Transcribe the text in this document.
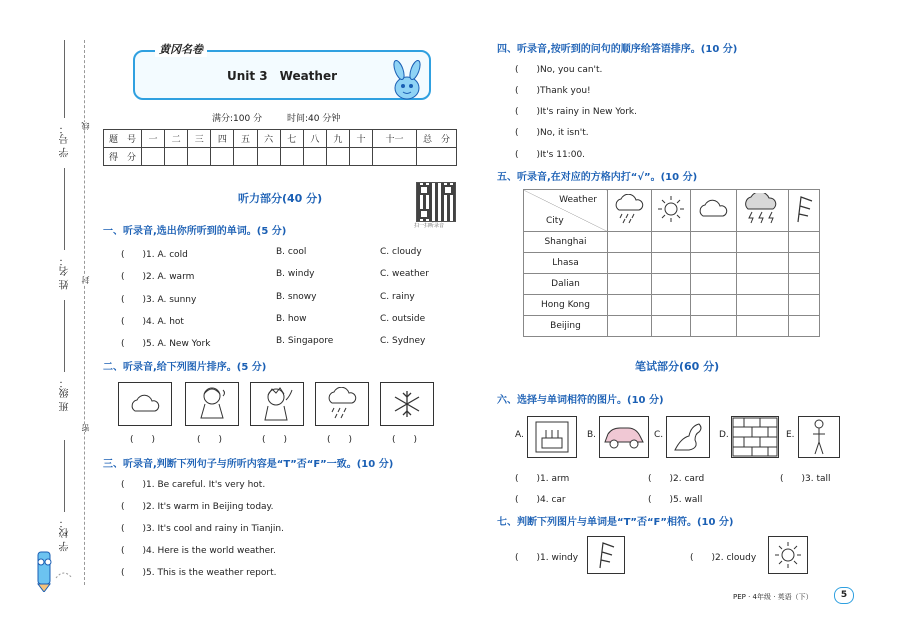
学 号：
姓 名：
班 级：
学 校：
线
封
密
黄冈名卷
Unit 3　Weather
满分:100 分	时间:40 分钟
题　号	一	二	三	四	五	六	七	八	九	十	十一	总　分
得　分												
听力部分(40 分)
扫一扫听录音
一、听录音,选出你所听到的单词。(5 分)
(　　)1. A. cold	B. cool	C. cloudy
(　　)2. A. warm	B. windy	C. weather
(　　)3. A. sunny	B. snowy	C. rainy
(　　)4. A. hot	B. how	C. outside
(　　)5. A. New York	B. Singapore	C. Sydney
二、听录音,给下列图片排序。(5 分)
(　　)	(　　)	(　　)	(　　)	(　　)
三、听录音,判断下列句子与所听内容是“T”否“F”一致。(10 分)
(　　)1. Be careful. It's very hot.
(　　)2. It's warm in Beijing today.
(　　)3. It's cool and rainy in Tianjin.
(　　)4. Here is the world weather.
(　　)5. This is the weather report.
四、听录音,按听到的问句的顺序给答语排序。(10 分)
(　　)No, you can't.
(　　)Thank you!
(　　)It's rainy in New York.
(　　)No, it isn't.
(　　)It's 11:00.
五、听录音,在对应的方格内打“√”。(10 分)
Weather
City

Shanghai					
Lhasa					
Dalian					
Hong Kong					
Beijing					
笔试部分(60 分)
六、选择与单词相符的图片。(10 分)
A.	B.	C.	D.	E.
(　　)1. arm	(　　)2. card	(　　)3. tall
(　　)4. car	(　　)5. wall
七、判断下列图片与单词是“T”否“F”相符。(10 分)
(　　)1. windy	(　　)2. cloudy
PEP · 4年级 · 英语（下）	5
